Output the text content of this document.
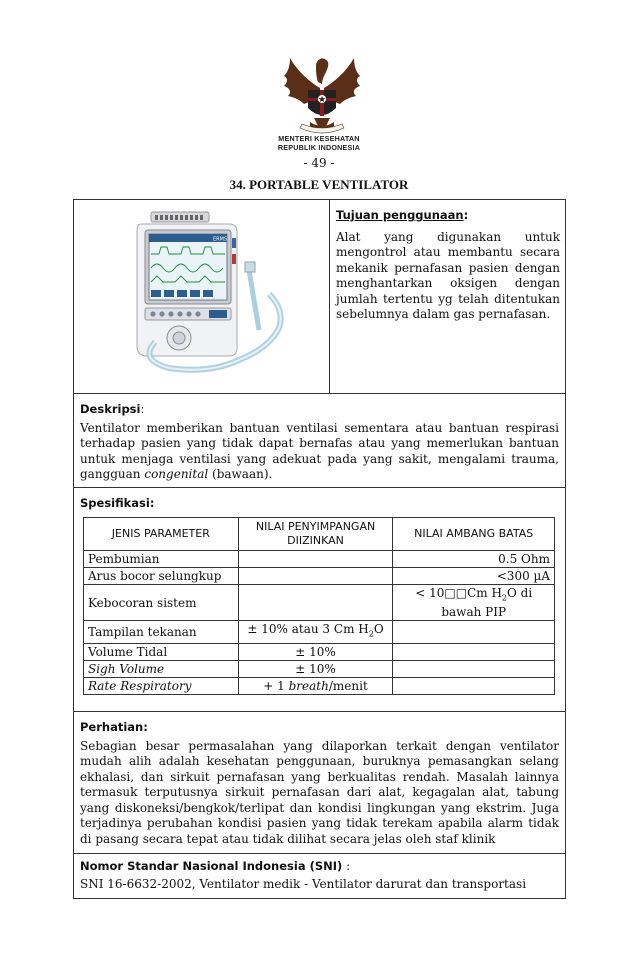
MENTERI KESEHATAN
REPUBLIK INDONESIA
- 49 -
34. PORTABLE VENTILATOR
ERMS
Tujuan penggunaan:

Alat yang digunakan untuk mengontrol atau membantu secara mekanik pernafasan pasien dengan menghantarkan oksigen dengan jumlah tertentu yg telah ditentukan sebelumnya dalam gas pernafasan.

Deskripsi:
Ventilator memberikan bantuan ventilasi sementara atau bantuan respirasi terhadap pasien yang tidak dapat bernafas atau yang memerlukan bantuan untuk menjaga ventilasi yang adekuat pada yang sakit, mengalami trauma, gangguan congenital (bawaan).
Spesifikasi:
JENIS PARAMETER	NILAI PENYIMPANGAN DIIZINKAN	NILAI AMBANG BATAS
Pembumian		0.5 Ohm
Arus bocor selungkup		<300 µA
Kebocoran sistem		< 10□□Cm $H_2O$ di bawah PIP
Tampilan tekanan	± 10% atau 3 Cm $H_2O$	
Volume Tidal	± 10%	
Sigh Volume	± 10%	
Rate Respiratory	+ 1 breath/menit	
Perhatian:
Sebagian besar permasalahan yang dilaporkan terkait dengan ventilator mudah alih adalah kesehatan penggunaan, buruknya pemasangkan selang ekhalasi, dan sirkuit pernafasan yang berkualitas rendah. Masalah lainnya termasuk terputusnya sirkuit pernafasan dari alat, kegagalan alat, tabung yang diskoneksi/bengkok/terlipat dan kondisi lingkungan yang ekstrim. Juga terjadinya perubahan kondisi pasien yang tidak terekam apabila alarm tidak di pasang secara tepat atau tidak dilihat secara jelas oleh staf klinik
Nomor Standar Nasional Indonesia (SNI) :
SNI 16-6632-2002, Ventilator medik - Ventilator darurat dan transportasi
